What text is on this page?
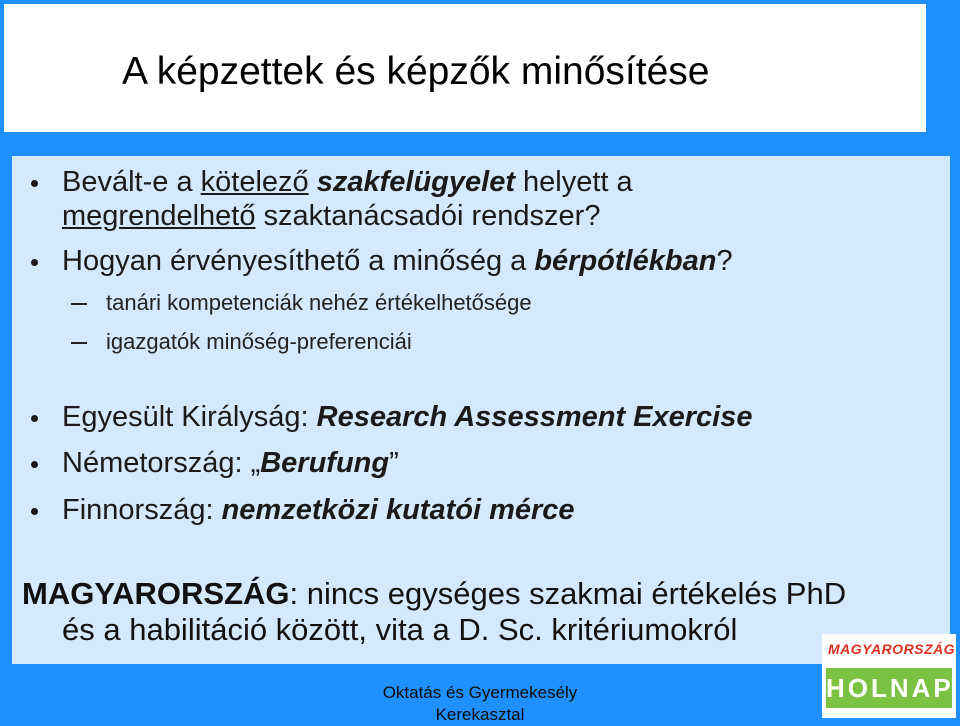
A képzettek és képzők minősítése
Bevált-e a kötelező szakfelügyelet helyett a
megrendelhető szaktanácsadói rendszer?
Hogyan érvényesíthető a minőség a bérpótlékban?
tanári kompetenciák nehéz értékelhetősége
igazgatók minőség-preferenciái
Egyesült Királyság: Research Assessment Exercise
Németország: „Berufung”
Finnország: nemzetközi kutatói mérce
MAGYARORSZÁG: nincs egységes szakmai értékelés PhD
és a habilitáció között, vita a D. Sc. kritériumokról
Oktatás és Gyermekesély
Kerekasztal
MAGYARORSZÁG
HOLNAP
